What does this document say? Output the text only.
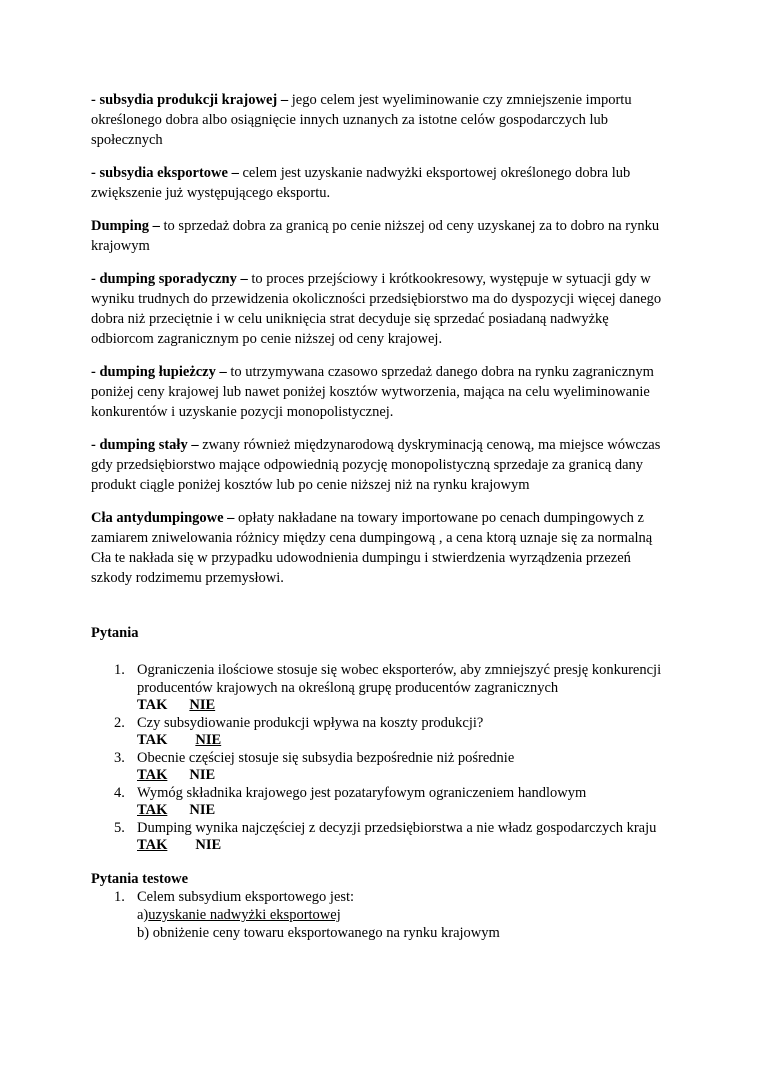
- subsydia produkcji krajowej – jego celem jest wyeliminowanie czy zmniejszenie importu określonego dobra albo osiągnięcie innych uznanych za istotne celów gospodarczych lub społecznych

- subsydia eksportowe – celem jest uzyskanie nadwyżki eksportowej określonego dobra lub zwiększenie już występującego eksportu.

Dumping – to sprzedaż dobra za granicą po cenie niższej od ceny uzyskanej za to dobro na rynku krajowym

- dumping sporadyczny – to proces przejściowy i krótkookresowy, występuje w sytuacji gdy w wyniku trudnych do przewidzenia okoliczności przedsiębiorstwo ma do dyspozycji więcej danego dobra niż przeciętnie i w celu uniknięcia strat decyduje się sprzedać posiadaną nadwyżkę odbiorcom zagranicznym po cenie niższej od ceny krajowej.

- dumping łupieżczy – to utrzymywana czasowo sprzedaż danego dobra na rynku zagranicznym poniżej ceny krajowej lub nawet poniżej kosztów wytworzenia, mająca na celu wyeliminowanie konkurentów i uzyskanie pozycji monopolistycznej.

- dumping stały – zwany również międzynarodową dyskryminacją cenową, ma miejsce wówczas gdy przedsiębiorstwo mające odpowiednią pozycję monopolistyczną sprzedaje za granicą dany produkt ciągle poniżej kosztów lub po cenie niższej niż na rynku krajowym

Cła antydumpingowe – opłaty nakładane na towary importowane po cenach dumpingowych z zamiarem zniwelowania różnicy między cena dumpingową , a cena ktorą uznaje się za normalną Cła te nakłada się w przypadku udowodnienia dumpingu i stwierdzenia wyrządzenia przezeń szkody rodzimemu przemysłowi.

Pytania

1. Ograniczenia ilościowe stosuje się wobec eksporterów, aby zmniejszyć presję konkurencji producentów krajowych na określoną grupę producentów zagranicznych
TAK NIE
2. Czy subsydiowanie produkcji wpływa na koszty produkcji?
TAK NIE
3. Obecnie częściej stosuje się subsydia bezpośrednie niż pośrednie
TAK NIE
4. Wymóg składnika krajowego jest pozataryfowym ograniczeniem handlowym
TAK NIE
5. Dumping wynika najczęściej z decyzji przedsiębiorstwa a nie władz gospodarczych kraju
TAK NIE

Pytania testowe

1. Celem subsydium eksportowego jest:
a)uzyskanie nadwyżki eksportowej
b) obniżenie ceny towaru eksportowanego na rynku krajowym
